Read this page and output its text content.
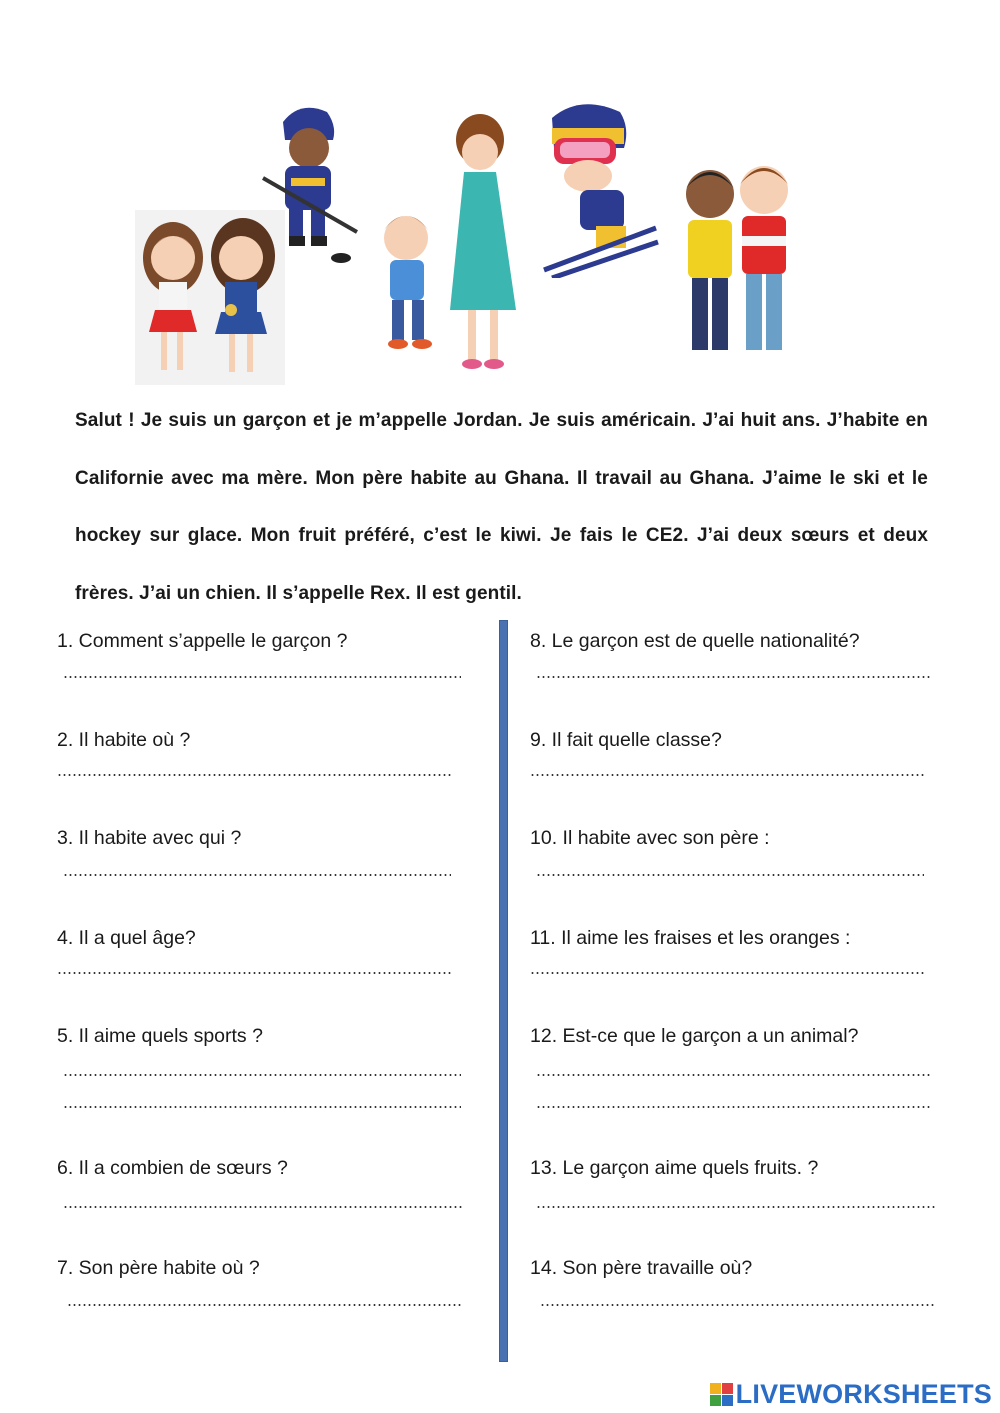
Salut ! Je suis un garçon et je m’appelle Jordan. Je suis américain. J’ai huit ans. J’habite en Californie avec ma mère. Mon père habite au Ghana. Il travail au Ghana. J’aime le ski et le hockey sur glace. Mon fruit préféré, c’est le kiwi. Je fais le CE2. J’ai deux sœurs et deux frères. J’ai un chien. Il s’appelle Rex. Il est gentil.

1. Comment s’appelle le garçon ?
2. Il habite où ?
3. Il habite avec qui ?
4. Il a quel âge?
5. Il aime quels sports ?
6. Il a combien de sœurs ?
7. Son père habite où ?
8. Le garçon est de quelle nationalité?
9. Il fait quelle classe?
10. Il habite avec son père :
11. Il aime les fraises et les oranges :
12. Est-ce que le garçon a un animal?
13. Le garçon aime quels fruits. ?
14. Son père travaille où?
LIVEWORKSHEETS
